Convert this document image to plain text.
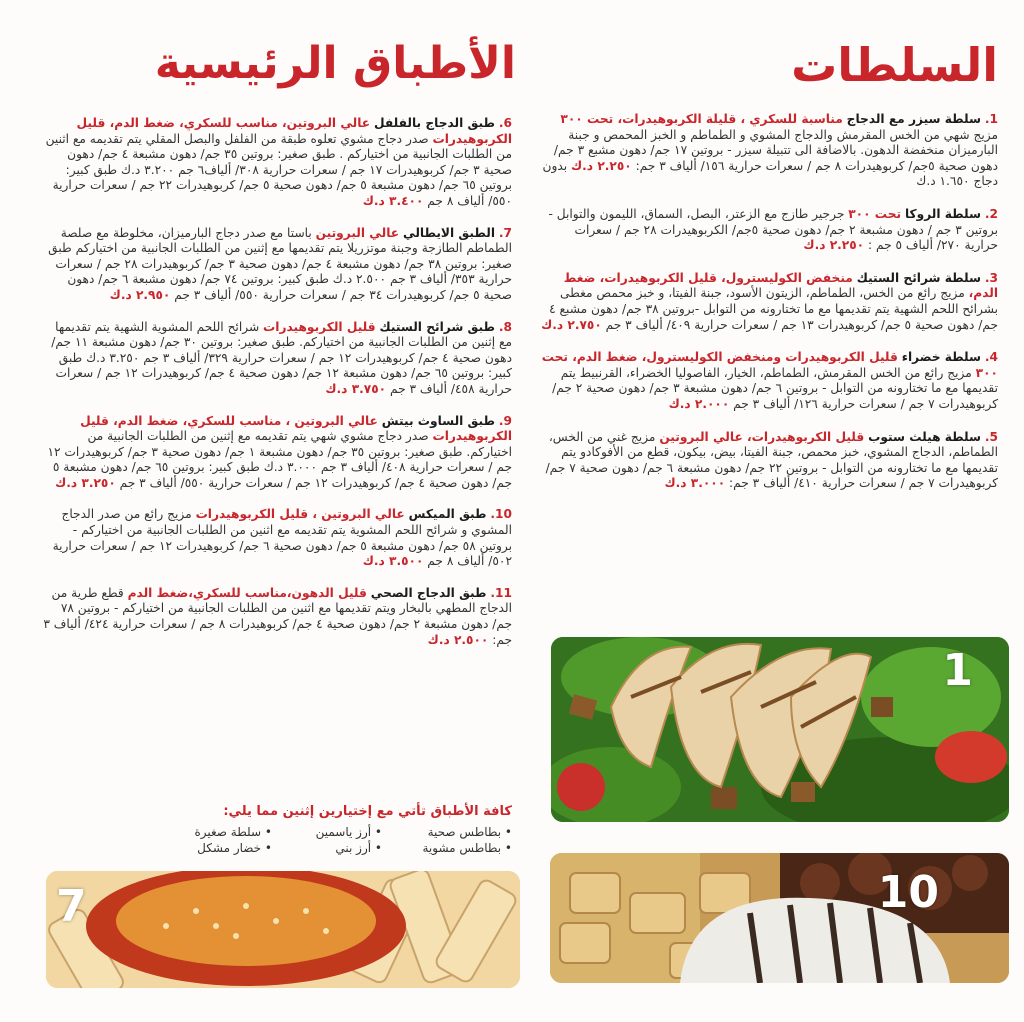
السلطات
الأطباق الرئيسية

1. سلطة سيزر مع الدجاج مناسبة للسكري ، قليلة الكربوهيدرات، تحت ٣٠٠ مزيج شهي من الخس المقرمش والدجاج المشوي و الطماطم و الخبز المحمص و جبنة البارميزان منخفضة الدهون. بالاضافة الى تتبيلة سيزر - بروتين ١٧ جم/ دهون مشبع ٣ جم/ دهون صحية ٥جم/ كربوهيدرات ٨ جم / سعرات حرارية ١٥٦/ ألياف ٣ جم: ٢.٢٥٠ د.ك بدون دجاج ١.٦٥٠ د.ك

2. سلطة الروكا تحت ٣٠٠ جرجير طازج مع الزعتر، البصل، السماق، الليمون والتوابل - بروتين ٣ جم / دهون مشبعة ٢ جم/ دهون صحية ٥جم/ الكربوهيدرات ٢٨ جم / سعرات حرارية ٢٧٠/ ألياف ٥ جم : ٢.٢٥٠ د.ك

3. سلطة شرائح الستيك منخفض الكوليسترول، قليل الكربوهيدرات، ضغط الدم، مزيج رائع من الخس، الطماطم، الزيتون الأسود، جبنة الفيتا، و خبز محمص مغطى بشرائح اللحم الشهية يتم تقديمها مع ما تختارونه من التوابل -بروتين ٣٨ جم/ دهون مشبع ٤ جم/ دهون صحية ٥ جم/ كربوهيدرات ١٣ جم / سعرات حرارية ٤٠٩/ ألياف ٣ جم ٢.٧٥٠ د.ك

4. سلطة خضراء قليل الكربوهيدرات ومنخفض الكوليسترول، ضغط الدم، تحت ٣٠٠ مزيج رائع من الخس المقرمش، الطماطم، الخيار، الفاصوليا الخضراء، القرنبيط يتم تقديمها مع ما تختارونه من التوابل - بروتين ٦ جم/ دهون مشبعة ٣ جم/ دهون صحية ٢ جم/ كربوهيدرات ٧ جم / سعرات حرارية ١٢٦/ ألياف ٣ جم ٢.٠٠٠ د.ك

5. سلطة هيلث ستوب قليل الكربوهيدرات، عالي البروتين مزيج غني من الخس، الطماطم، الدجاج المشوي، خبز محمص، جبنة الفيتا، بيض، بيكون، قطع من الأفوكادو يتم تقديمها مع ما تختارونه من التوابل - بروتين ٢٢ جم/ دهون مشبعة ٦ جم/ دهون صحية ٧ جم/ كربوهيدرات ٧ جم / سعرات حرارية ٤١٠/ ألياف ٣ جم: ٣.٠٠٠ د.ك

6. طبق الدجاج بالفلفل عالي البروتين، مناسب للسكري، ضغط الدم، قليل الكربوهيدرات صدر دجاج مشوي تعلوه طبقة من الفلفل والبصل المقلي يتم تقديمه مع اثنين من الطلبات الجانبية من اختياركم . طبق صغير: بروتين ٣٥ جم/ دهون مشبعة ٤ جم/ دهون صحية ٣ جم/ كربوهيدرات ١٧ جم / سعرات حرارية ٣٠٨/ ألياف٦ جم ٣.٢٠٠ د.ك طبق كبير: بروتين ٦٥ جم/ دهون مشبعة ٥ جم/ دهون صحية ٥ جم/ كربوهيدرات ٢٢ جم / سعرات حرارية ٥٥٠/ ألياف ٨ جم ٣.٤٠٠ د.ك

7. الطبق الايطالي عالي البروتين باستا مع صدر دجاج البارميزان، مخلوطة مع صلصة الطماطم الطازجة وجبنة موتزريلا يتم تقديمها مع إثنين من الطلبات الجانبية من اختياركم طبق صغير: بروتين ٣٨ جم/ دهون مشبعة ٤ جم/ دهون صحية ٣ جم/ كربوهيدرات ٢٨ جم / سعرات حرارية ٣٥٣/ ألياف ٣ جم ٢.٥٠٠ د.ك طبق كبير: بروتين ٧٤ جم/ دهون مشبعة ٦ جم/ دهون صحية ٥ جم/ كربوهيدرات ٣٤ جم / سعرات حرارية ٥٥٠/ ألياف ٣ جم ٢.٩٥٠ د.ك

8. طبق شرائح الستيك قليل الكربوهيدرات شرائح اللحم المشوية الشهية يتم تقديمها مع إثنين من الطلبات الجانبية من اختياركم. طبق صغير: بروتين ٣٠ جم/ دهون مشبعة ١١ جم/ دهون صحية ٤ جم/ كربوهيدرات ١٢ جم / سعرات حرارية ٣٢٩/ ألياف ٣ جم ٣.٢٥٠ د.ك طبق كبير: بروتين ٦٥ جم/ دهون مشبعة ١٢ جم/ دهون صحية ٤ جم/ كربوهيدرات ١٢ جم / سعرات حرارية ٤٥٨/ ألياف ٣ جم ٣.٧٥٠ د.ك

9. طبق الساوث بيتش عالي البروتين ، مناسب للسكري، ضغط الدم، قليل الكربوهيدرات صدر دجاج مشوي شهي يتم تقديمه مع إثنين من الطلبات الجانبية من اختياركم. طبق صغير: بروتين ٣٥ جم/ دهون مشبعة ١ جم/ دهون صحية ٣ جم/ كربوهيدرات ١٢ جم / سعرات حرارية ٤٠٨/ ألياف ٣ جم ٣.٠٠٠ د.ك طبق كبير: بروتين ٦٥ جم/ دهون مشبعة ٥ جم/ دهون صحية ٤ جم/ كربوهيدرات ١٢ جم / سعرات حرارية ٥٥٠/ ألياف ٣ جم ٣.٢٥٠ د.ك

10. طبق الميكس عالي البروتين ، قليل الكربوهيدرات مزيج رائع من صدر الدجاج المشوي و شرائح اللحم المشوية يتم تقديمه مع اثنين من الطلبات الجانبية من اختياركم - بروتين ٥٨ جم/ دهون مشبعة ٥ جم/ دهون صحية ٦ جم/ كربوهيدرات ١٢ جم / سعرات حرارية ٥٠٢/ ألياف ٨ جم ٣.٥٠٠ د.ك

11. طبق الدجاج الصحي قليل الدهون،مناسب للسكري،ضغط الدم قطع طرية من الدجاج المطهي بالبخار ويتم تقديمها مع اثنين من الطلبات الجانبية من اختياركم - بروتين ٧٨ جم/ دهون مشبعة ٢ جم/ دهون صحية ٤ جم/ كربوهيدرات ٨ جم / سعرات حرارية ٤٢٤/ ألياف ٣ جم: ٢.٥٠٠ د.ك

كافة الأطباق تأتي مع إختيارين إثنين مما يلي:

• بطاطس صحية
• بطاطس مشوية
• أرز ياسمين
• أرز بني
• سلطة صغيرة
• خضار مشكل
1
10
7
